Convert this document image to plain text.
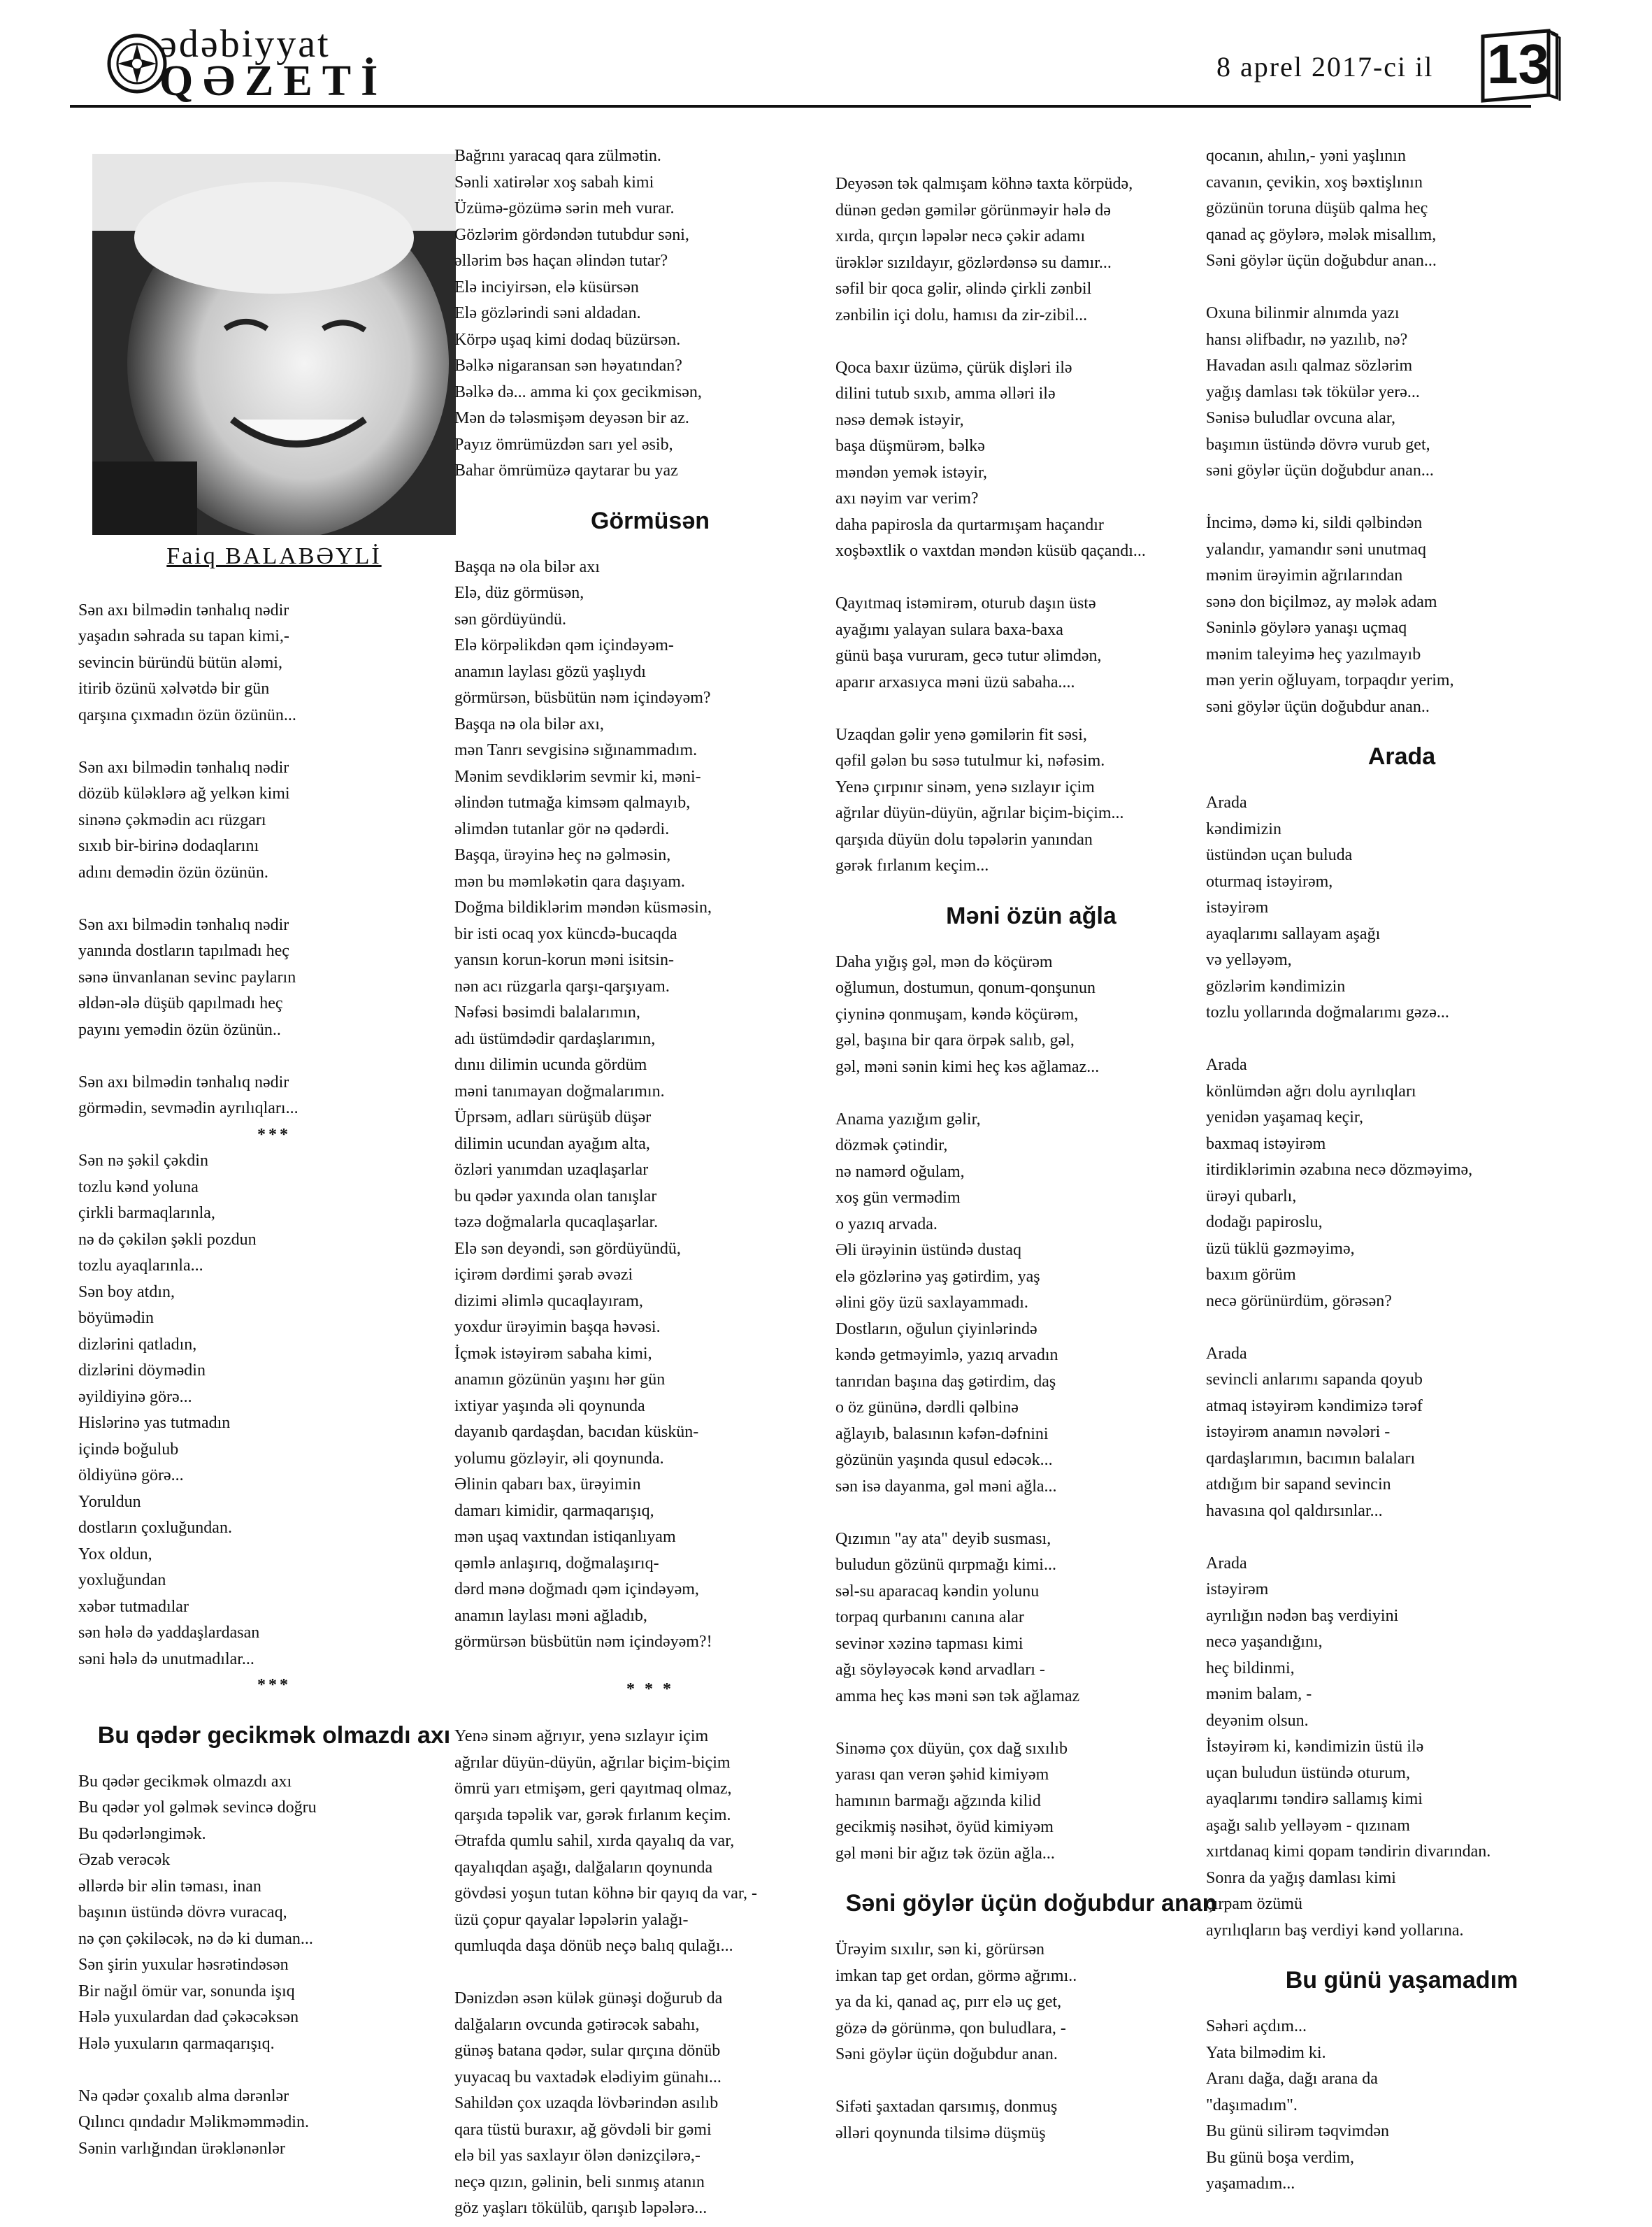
ədəbiyyat
QƏZETİ	8 aprel 2017-ci il 13
Faiq BALABƏYLİ
Sən axı bilmədin tənhalıq nədir
yaşadın səhrada su tapan kimi,-
sevincin büründü bütün aləmi,
itirib özünü xəlvətdə bir gün
qarşına çıxmadın özün özünün...
Sən axı bilmədin tənhalıq nədir
dözüb küləklərə ağ yelkən kimi
sinənə çəkmədin acı rüzgarı
sıxıb bir-birinə dodaqlarını
adını demədin özün özünün.
Sən axı bilmədin tənhalıq nədir
yanında dostların tapılmadı heç
sənə ünvanlanan sevinc payların
əldən-ələ düşüb qapılmadı heç
payını yemədin özün özünün..
Sən axı bilmədin tənhalıq nədir
görmədin, sevmədin ayrılıqları...
***
Sən nə şəkil çəkdin
tozlu kənd yoluna
çirkli barmaqlarınla,
nə də çəkilən şəkli pozdun
tozlu ayaqlarınla...
Sən boy atdın,
böyümədin
dizlərini qatladın,
dizlərini döymədin
əyildiyinə görə...
Hislərinə yas tutmadın
içində boğulub
öldiyünə görə...
Yoruldun
dostların çoxluğundan.
Yox oldun,
yoxluğundan
xəbər tutmadılar
sən hələ də yaddaşlardasan
səni hələ də unutmadılar...
***
Bu qədər gecikmək olmazdı axı
Bu qədər gecikmək olmazdı axı
Bu qədər yol gəlmək sevincə doğru
Bu qədərləngimək.
Əzab verəcək
əllərdə bir əlin təması, inan
başının üstündə dövrə vuracaq,
nə çən çəkiləcək, nə də ki duman...
Sən şirin yuxular həsrətindəsən
Bir nağıl ömür var, sonunda işıq
Hələ yuxulardan dad çəkəcəksən
Hələ yuxuların qarmaqarışıq.
Nə qədər çoxalıb alma dərənlər
Qılıncı qındadır Məlikməmmədin.
Sənin varlığından ürəklənənlər
Bağrını yaracaq qara zülmətin.
Sənli xatirələr xoş sabah kimi
Üzümə-gözümə sərin meh vurar.
Gözlərim gördəndən tutubdur səni,
əllərim bəs haçan əlindən tutar?
Elə inciyirsən, elə küsürsən
Elə gözlərindi səni aldadan.
Körpə uşaq kimi dodaq büzürsən.
Bəlkə nigaransan sən həyatından?
Bəlkə də... amma ki çox gecikmisən,
Mən də tələsmişəm deyəsən bir az.
Payız ömrümüzdən sarı yel əsib,
Bahar ömrümüzə qaytarar bu yaz
Görmüsən
Başqa nə ola bilər axı
Elə, düz görmüsən,
sən gördüyündü.
Elə körpəlikdən qəm içindəyəm-
anamın laylası gözü yaşlıydı
görmürsən, büsbütün nəm içindəyəm?
Başqa nə ola bilər axı,
mən Tanrı sevgisinə sığınammadım.
Mənim sevdiklərim sevmir ki, məni-
əlindən tutmağa kimsəm qalmayıb,
əlimdən tutanlar gör nə qədərdi.
Başqa, ürəyinə heç nə gəlməsin,
mən bu məmləkətin qara daşıyam.
Doğma bildiklərim məndən küsməsin,
bir isti ocaq yox küncdə-bucaqda
yansın korun-korun məni isitsin-
nən acı rüzgarla qarşı-qarşıyam.
Nəfəsi bəsimdi balalarımın,
adı üstümdədir qardaşlarımın,
dınıı dilimin ucunda gördüm
məni tanımayan doğmalarımın.
Üprsəm, adları sürüşüb düşər
dilimin ucundan ayağım alta,
özləri yanımdan uzaqlaşarlar
bu qədər yaxında olan tanışlar
təzə doğmalarla qucaqlaşarlar.
Elə sən deyəndi, sən gördüyündü,
içirəm dərdimi şərab əvəzi
dizimi əlimlə qucaqlayıram,
yoxdur ürəyimin başqa həvəsi.
İçmək istəyirəm sabaha kimi,
anamın gözünün yaşını hər gün
ixtiyar yaşında əli qoynunda
dayanıb qardaşdan, bacıdan küskün-
yolumu gözləyir, əli qoynunda.
Əlinin qabarı bax, ürəyimin
damarı kimidir, qarmaqarışıq,
mən uşaq vaxtından istiqanlıyam
qəmlə anlaşırıq, doğmalaşırıq-
dərd mənə doğmadı qəm içindəyəm,
anamın laylası məni ağladıb,
görmürsən büsbütün nəm içindəyəm?!
* * *
Yenə sinəm ağrıyır, yenə sızlayır içim
ağrılar düyün-düyün, ağrılar biçim-biçim
ömrü yarı etmişəm, geri qayıtmaq olmaz,
qarşıda təpəlik var, gərək fırlanım keçim.
Ətrafda qumlu sahil, xırda qayalıq da var,
qayalıqdan aşağı, dalğaların qoynunda
gövdəsi yoşun tutan köhnə bir qayıq da var, -
üzü çopur qayalar ləpələrin yalağı-
qumluqda daşa dönüb neçə balıq qulağı...
Dənizdən əsən külək günəşi doğurub da
dalğaların ovcunda gətirəcək sabahı,
günəş batana qədər, sular qırçına dönüb
yuyacaq bu vaxtadək elədiyim günahı...
Sahildən çox uzaqda lövbərindən asılıb
qara tüstü buraxır, ağ gövdəli bir gəmi
elə bil yas saxlayır ölən dənizçilərə,-
neçə qızın, gəlinin, beli sınmış atanın
göz yaşları tökülüb, qarışıb ləpələrə...
Deyəsən tək qalmışam köhnə taxta körpüdə,
dünən gedən gəmilər görünməyir hələ də
xırda, qırçın ləpələr necə çəkir adamı
ürəklər sızıldayır, gözlərdənsə su damır...
səfil bir qoca gəlir, əlində çirkli zənbil
zənbilin içi dolu, hamısı da zir-zibil...
Qoca baxır üzümə, çürük dişləri ilə
dilini tutub sıxıb, amma əlləri ilə
nəsə demək istəyir,
başa düşmürəm, bəlkə
məndən yemək istəyir,
axı nəyim var verim?
daha papirosla da qurtarmışam haçandır
xoşbəxtlik o vaxtdan məndən küsüb qaçandı...
Qayıtmaq istəmirəm, oturub daşın üstə
ayağımı yalayan sulara baxa-baxa
günü başa vururam, gecə tutur əlimdən,
aparır arxasıyca məni üzü sabaha....
Uzaqdan gəlir yenə gəmilərin fit səsi,
qəfil gələn bu səsə tutulmur ki, nəfəsim.
Yenə çırpınır sinəm, yenə sızlayır içim
ağrılar düyün-düyün, ağrılar biçim-biçim...
qarşıda düyün dolu təpələrin yanından
gərək fırlanım keçim...
Məni özün ağla
Daha yığış gəl, mən də köçürəm
oğlumun, dostumun, qonum-qonşunun
çiyninə qonmuşam, kəndə köçürəm,
gəl, başına bir qara örpək salıb, gəl,
gəl, məni sənin kimi heç kəs ağlamaz...
Anama yazığım gəlir,
dözmək çətindir,
nə namərd oğulam,
xoş gün vermədim
o yazıq arvada.
Əli ürəyinin üstündə dustaq
elə gözlərinə yaş gətirdim, yaş
əlini göy üzü saxlayammadı.
Dostların, oğulun çiyinlərində
kəndə getməyimlə, yazıq arvadın
tanrıdan başına daş gətirdim, daş
o öz gününə, dərdli qəlbinə
ağlayıb, balasının kəfən-dəfnini
gözünün yaşında qusul edəcək...
sən isə dayanma, gəl məni ağla...
Qızımın "ay ata" deyib susması,
buludun gözünü qırpmağı kimi...
səl-su aparacaq kəndin yolunu
torpaq qurbanını canına alar
sevinər xəzinə tapması kimi
ağı söyləyəcək kənd arvadları -
amma heç kəs məni sən tək ağlamaz
Sinəmə çox düyün, çox dağ sıxılıb
yarası qan verən şəhid kimiyəm
hamının barmağı ağzında kilid
gecikmiş nəsihət, öyüd kimiyəm
gəl məni bir ağız tək özün ağla...
Səni göylər üçün doğubdur anan
Ürəyim sıxılır, sən ki, görürsən
imkan tap get ordan, görmə ağrımı..
ya da ki, qanad aç, pırr elə uç get,
gözə də görünmə, qon buludlara, -
Səni göylər üçün doğubdur anan.
Sifəti şaxtadan qarsımış, donmuş
əlləri qoynunda tilsimə düşmüş
qocanın, ahılın,- yəni yaşlının
cavanın, çevikin, xoş bəxtişlının
gözünün toruna düşüb qalma heç
qanad aç göylərə, mələk misallım,
Səni göylər üçün doğubdur anan...
Oxuna bilinmir alnımda yazı
hansı əlifbadır, nə yazılıb, nə?
Havadan asılı qalmaz sözlərim
yağış damlası tək tökülər yerə...
Sənisə buludlar ovcuna alar,
başımın üstündə dövrə vurub get,
səni göylər üçün doğubdur anan...
İncimə, dəmə ki, sildi qəlbindən
yalandır, yamandır səni unutmaq
mənim ürəyimin ağrılarından
sənə don biçilməz, ay mələk adam
Səninlə göylərə yanaşı uçmaq
mənim taleyimə heç yazılmayıb
mən yerin oğluyam, torpaqdır yerim,
səni göylər üçün doğubdur anan..
Arada
Arada
kəndimizin
üstündən uçan buluda
oturmaq istəyirəm,
istəyirəm
ayaqlarımı sallayam aşağı
və yelləyəm,
gözlərim kəndimizin
tozlu yollarında doğmalarımı gəzə...
Arada
könlümdən ağrı dolu ayrılıqları
yenidən yaşamaq keçir,
baxmaq istəyirəm
itirdiklərimin əzabına necə dözməyimə,
ürəyi qubarlı,
dodağı papiroslu,
üzü tüklü gəzməyimə,
baxım görüm
necə görünürdüm, görəsən?
Arada
sevincli anlarımı sapanda qoyub
atmaq istəyirəm kəndimizə tərəf
istəyirəm anamın nəvələri -
qardaşlarımın, bacımın balaları
atdığım bir sapand sevincin
havasına qol qaldırsınlar...
Arada
istəyirəm
ayrılığın nədən baş verdiyini
necə yaşandığını,
heç bildinmi,
mənim balam, -
deyənim olsun.
İstəyirəm ki, kəndimizin üstü ilə
uçan buludun üstündə oturum,
ayaqlarımı təndirə sallamış kimi
aşağı salıb yelləyəm - qızınam
xırtdanaq kimi qopam təndirin divarından.
Sonra da yağış damlası kimi
çırpam özümü
ayrılıqların baş verdiyi kənd yollarına.
Bu günü yaşamadım
Səhəri açdım...
Yata bilmədim ki.
Aranı dağa, dağı arana da
"daşımadım".
Bu günü silirəm təqvimdən
Bu günü boşa verdim,
yaşamadım...
